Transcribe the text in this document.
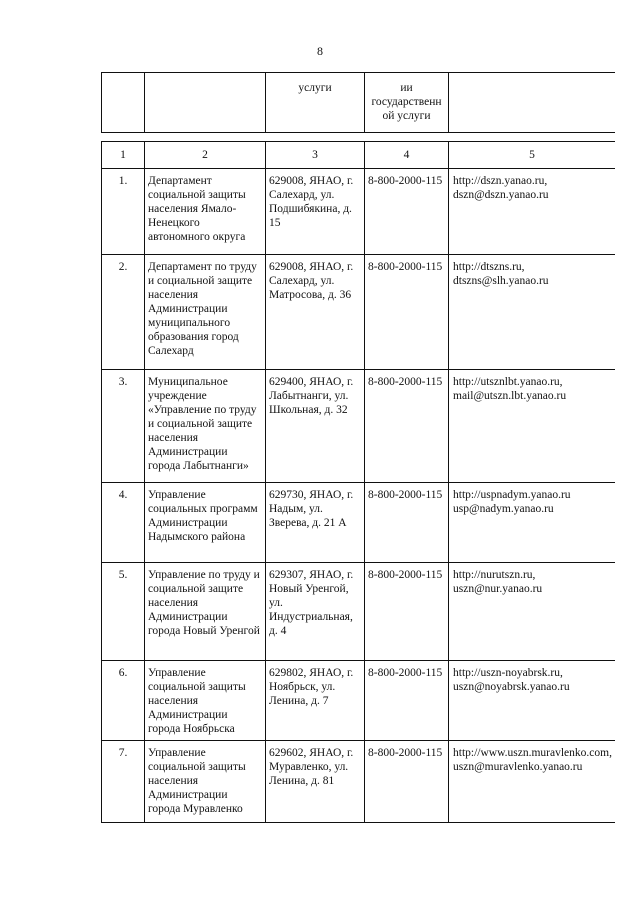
8
		услуги	ии государственн ой услуги	
1	2	3	4	5
1.	Департамент социальной защиты населения Ямало-Ненецкого автономного округа	629008, ЯНАО, г. Салехард, ул. Подшибякина, д. 15	8-800-2000-115	http://dszn.yanao.ru, dszn@dszn.yanao.ru
2.	Департамент по труду и социальной защите населения Администрации муниципального образования город Салехард	629008, ЯНАО, г. Салехард, ул. Матросова, д. 36	8-800-2000-115	http://dtszns.ru, dtszns@slh.yanao.ru
3.	Муниципальное учреждение «Управление по труду и социальной защите населения Администрации города Лабытнанги»	629400, ЯНАО, г. Лабытнанги, ул. Школьная, д. 32	8-800-2000-115	http://utsznlbt.yanao.ru, mail@utszn.lbt.yanao.ru
4.	Управление социальных программ Администрации Надымского района	629730, ЯНАО, г. Надым, ул. Зверева, д. 21 А	8-800-2000-115	http://uspnadym.yanao.ru usp@nadym.yanao.ru
5.	Управление по труду и социальной защите населения Администрации города Новый Уренгой	629307, ЯНАО, г. Новый Уренгой, ул. Индустриальная, д. 4	8-800-2000-115	http://nurutszn.ru, uszn@nur.yanao.ru
6.	Управление социальной защиты населения Администрации города Ноябрьска	629802, ЯНАО, г. Ноябрьск, ул. Ленина, д. 7	8-800-2000-115	http://uszn-noyabrsk.ru, uszn@noyabrsk.yanao.ru
7.	Управление социальной защиты населения Администрации города Муравленко	629602, ЯНАО, г. Муравленко, ул. Ленина, д. 81	8-800-2000-115	http://www.uszn.muravlenko.com, uszn@muravlenko.yanao.ru
